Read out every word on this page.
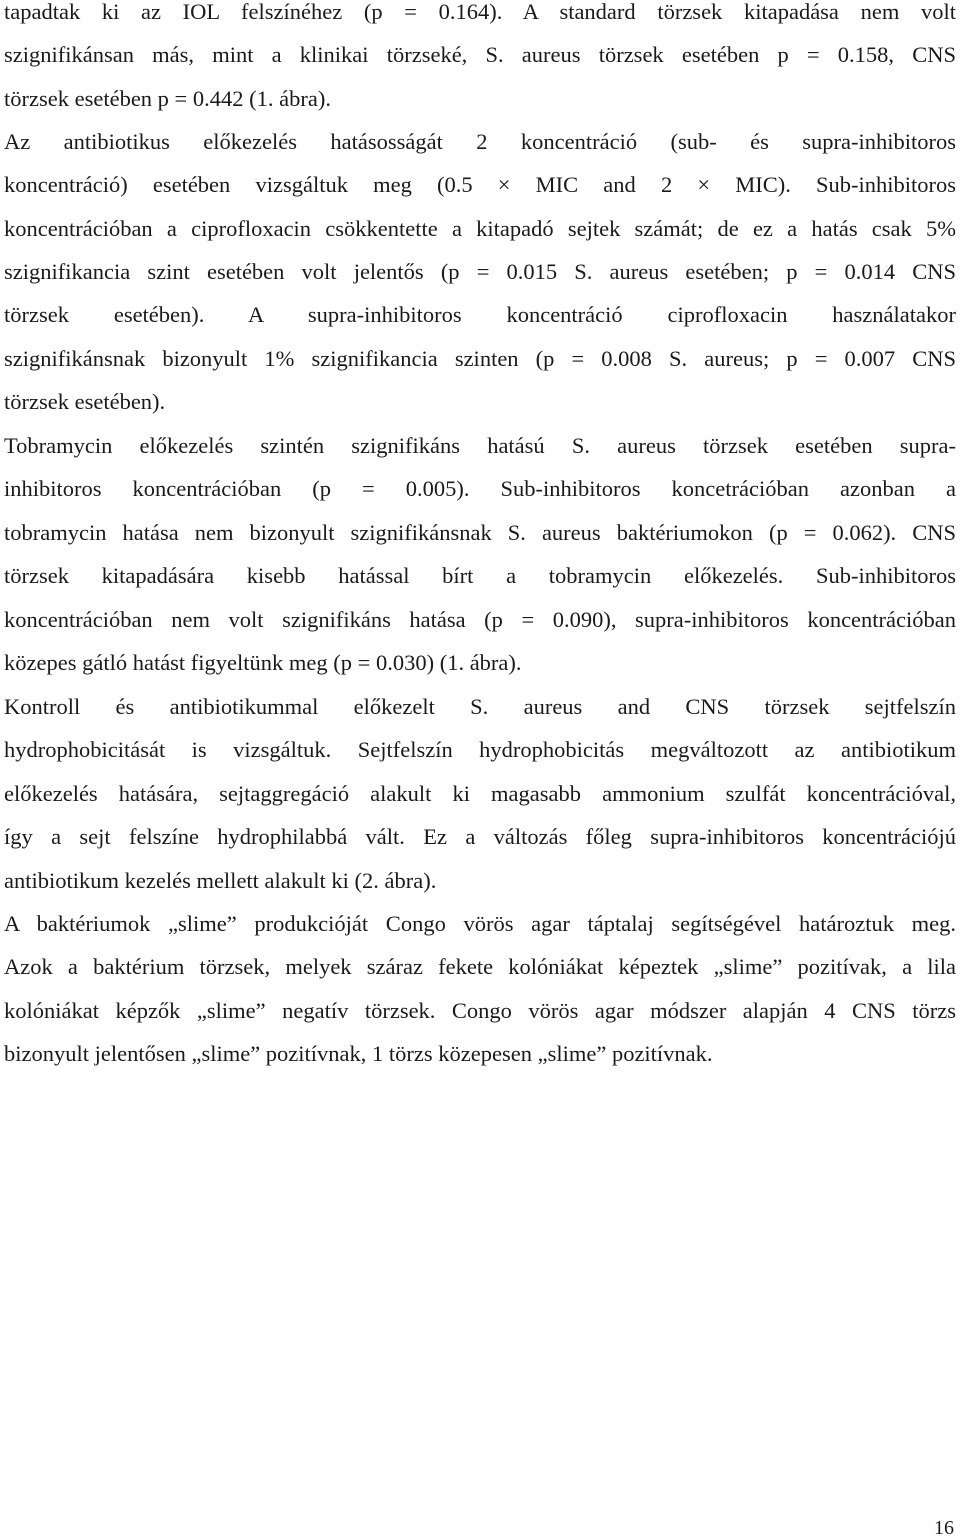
tapadtak ki az IOL felszínéhez (p = 0.164). A standard törzsek kitapadása nem volt
szignifikánsan más, mint a klinikai törzseké, S. aureus törzsek esetében p = 0.158, CNS
törzsek esetében p = 0.442 (1. ábra).
Az antibiotikus előkezelés hatásosságát 2 koncentráció (sub- és supra-inhibitoros
koncentráció) esetében vizsgáltuk meg (0.5 × MIC and 2 × MIC). Sub-inhibitoros
koncentrációban a ciprofloxacin csökkentette a kitapadó sejtek számát; de ez a hatás csak 5%
szignifikancia szint esetében volt jelentős (p = 0.015 S. aureus esetében; p = 0.014 CNS
törzsek esetében). A supra-inhibitoros koncentráció ciprofloxacin használatakor
szignifikánsnak bizonyult 1% szignifikancia szinten (p = 0.008 S. aureus; p = 0.007 CNS
törzsek esetében).
Tobramycin előkezelés szintén szignifikáns hatású S. aureus törzsek esetében supra-
inhibitoros koncentrációban (p = 0.005). Sub-inhibitoros koncetrációban azonban a
tobramycin hatása nem bizonyult szignifikánsnak S. aureus baktériumokon (p = 0.062). CNS
törzsek kitapadására kisebb hatással bírt a tobramycin előkezelés. Sub-inhibitoros
koncentrációban nem volt szignifikáns hatása (p = 0.090), supra-inhibitoros koncentrációban
közepes gátló hatást figyeltünk meg (p = 0.030) (1. ábra).
Kontroll és antibiotikummal előkezelt S. aureus and CNS törzsek sejtfelszín
hydrophobicitását is vizsgáltuk. Sejtfelszín hydrophobicitás megváltozott az antibiotikum
előkezelés hatására, sejtaggregáció alakult ki magasabb ammonium szulfát koncentrációval,
így a sejt felszíne hydrophilabbá vált. Ez a változás főleg supra-inhibitoros koncentrációjú
antibiotikum kezelés mellett alakult ki (2. ábra).
A baktériumok „slime” produkcióját Congo vörös agar táptalaj segítségével határoztuk meg.
Azok a baktérium törzsek, melyek száraz fekete kolóniákat képeztek „slime” pozitívak, a lila
kolóniákat képzők „slime” negatív törzsek. Congo vörös agar módszer alapján 4 CNS törzs
bizonyult jelentősen „slime” pozitívnak, 1 törzs közepesen „slime” pozitívnak.
16
